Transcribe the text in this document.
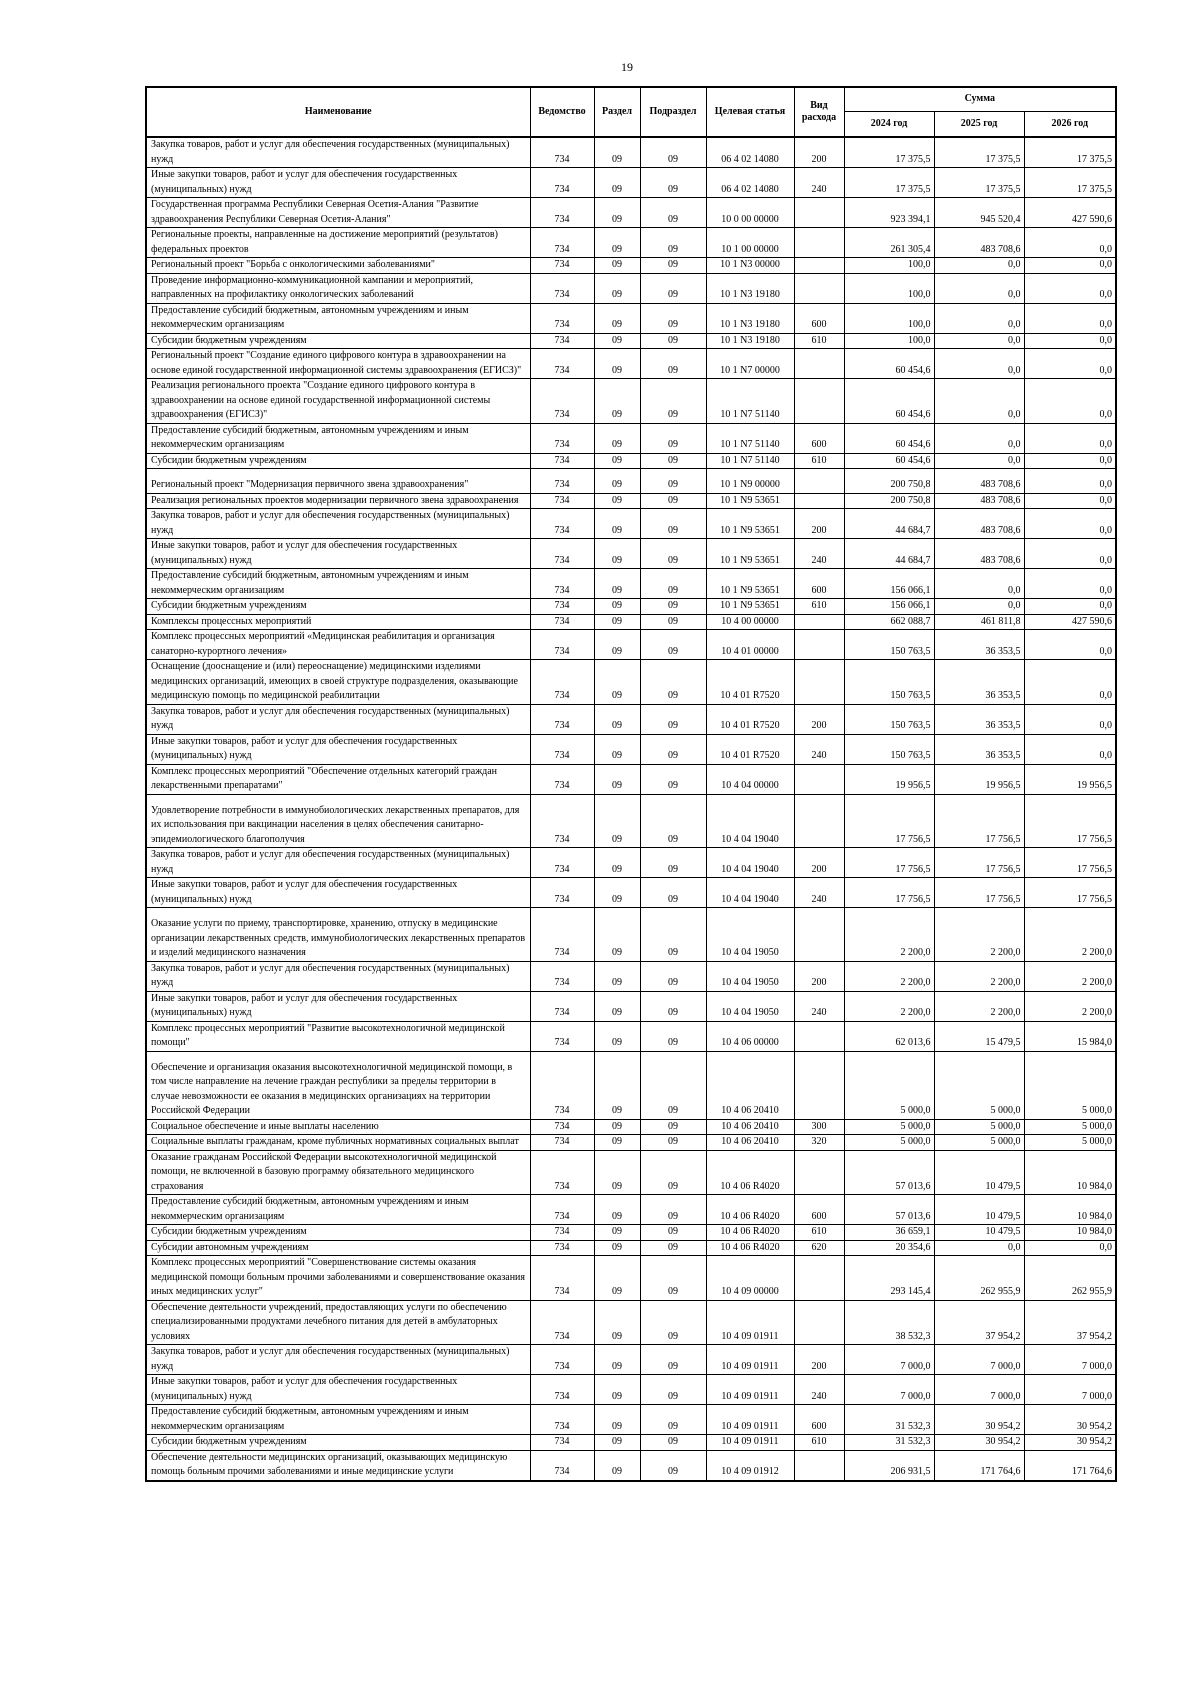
19
Наименование	Ведомство	Раздел	Подраздел	Целевая статья	Вид расхода	Сумма		
						2024 год	2025 год	2026 год
Закупка товаров, работ и услуг для обеспечения государственных (муниципальных) нужд	734	09	09	06 4 02 14080	200	17 375,5	17 375,5	17 375,5
Иные закупки товаров, работ и услуг для обеспечения государственных (муниципальных) нужд	734	09	09	06 4 02 14080	240	17 375,5	17 375,5	17 375,5
Государственная программа Республики Северная Осетия-Алания "Развитие здравоохранения Республики Северная Осетия-Алания"	734	09	09	10 0 00 00000		923 394,1	945 520,4	427 590,6
Региональные проекты, направленные на достижение мероприятий (результатов) федеральных проектов	734	09	09	10 1 00 00000		261 305,4	483 708,6	0,0
Региональный проект "Борьба с онкологическими заболеваниями"	734	09	09	10 1 N3 00000		100,0	0,0	0,0
Проведение информационно-коммуникационной кампании и мероприятий, направленных на профилактику онкологических заболеваний	734	09	09	10 1 N3 19180		100,0	0,0	0,0
Предоставление субсидий бюджетным, автономным учреждениям и иным некоммерческим организациям	734	09	09	10 1 N3 19180	600	100,0	0,0	0,0
Субсидии бюджетным учреждениям	734	09	09	10 1 N3 19180	610	100,0	0,0	0,0
Региональный проект "Создание единого цифрового контура в здравоохранении на основе единой государственной информационной системы здравоохранения (ЕГИСЗ)"	734	09	09	10 1 N7 00000		60 454,6	0,0	0,0
Реализация регионального проекта "Создание единого цифрового контура в здравоохранении на основе единой государственной информационной системы здравоохранения (ЕГИСЗ)"	734	09	09	10 1 N7 51140		60 454,6	0,0	0,0
Предоставление субсидий бюджетным, автономным учреждениям и иным некоммерческим организациям	734	09	09	10 1 N7 51140	600	60 454,6	0,0	0,0
Субсидии бюджетным учреждениям	734	09	09	10 1 N7 51140	610	60 454,6	0,0	0,0
Региональный проект "Модернизация первичного звена здравоохранения"	734	09	09	10 1 N9 00000		200 750,8	483 708,6	0,0
Реализация региональных проектов модернизации первичного звена здравоохранения	734	09	09	10 1 N9 53651		200 750,8	483 708,6	0,0
Закупка товаров, работ и услуг для обеспечения государственных (муниципальных) нужд	734	09	09	10 1 N9 53651	200	44 684,7	483 708,6	0,0
Иные закупки товаров, работ и услуг для обеспечения государственных (муниципальных) нужд	734	09	09	10 1 N9 53651	240	44 684,7	483 708,6	0,0
Предоставление субсидий бюджетным, автономным учреждениям и иным некоммерческим организациям	734	09	09	10 1 N9 53651	600	156 066,1	0,0	0,0
Субсидии бюджетным учреждениям	734	09	09	10 1 N9 53651	610	156 066,1	0,0	0,0
Комплексы процессных мероприятий	734	09	09	10 4 00 00000		662 088,7	461 811,8	427 590,6
Комплекс процессных мероприятий «Медицинская реабилитация и организация санаторно-курортного лечения»	734	09	09	10 4 01 00000		150 763,5	36 353,5	0,0
Оснащение (дооснащение и (или) переоснащение) медицинскими изделиями медицинских организаций, имеющих в своей структуре подразделения, оказывающие медицинскую помощь по медицинской реабилитации	734	09	09	10 4 01 R7520		150 763,5	36 353,5	0,0
Закупка товаров, работ и услуг для обеспечения государственных (муниципальных) нужд	734	09	09	10 4 01 R7520	200	150 763,5	36 353,5	0,0
Иные закупки товаров, работ и услуг для обеспечения государственных (муниципальных) нужд	734	09	09	10 4 01 R7520	240	150 763,5	36 353,5	0,0
Комплекс процессных мероприятий "Обеспечение отдельных категорий граждан лекарственными препаратами"	734	09	09	10 4 04 00000		19 956,5	19 956,5	19 956,5
Удовлетворение потребности в иммунобиологических лекарственных препаратов, для их использования при вакцинации населения в целях обеспечения санитарно-эпидемиологического благополучия	734	09	09	10 4 04 19040		17 756,5	17 756,5	17 756,5
Закупка товаров, работ и услуг для обеспечения государственных (муниципальных) нужд	734	09	09	10 4 04 19040	200	17 756,5	17 756,5	17 756,5
Иные закупки товаров, работ и услуг для обеспечения государственных (муниципальных) нужд	734	09	09	10 4 04 19040	240	17 756,5	17 756,5	17 756,5
Оказание услуги по приему, транспортировке, хранению, отпуску в медицинские организации лекарственных средств, иммунобиологических лекарственных препаратов и изделий медицинского назначения	734	09	09	10 4 04 19050		2 200,0	2 200,0	2 200,0
Закупка товаров, работ и услуг для обеспечения государственных (муниципальных) нужд	734	09	09	10 4 04 19050	200	2 200,0	2 200,0	2 200,0
Иные закупки товаров, работ и услуг для обеспечения государственных (муниципальных) нужд	734	09	09	10 4 04 19050	240	2 200,0	2 200,0	2 200,0
Комплекс процессных мероприятий "Развитие высокотехнологичной медицинской помощи"	734	09	09	10 4 06 00000		62 013,6	15 479,5	15 984,0
Обеспечение и организация оказания высокотехнологичной медицинской помощи, в том числе направление на лечение граждан республики за пределы территории в случае невозможности ее оказания в медицинских организациях на территории Российской Федерации	734	09	09	10 4 06 20410		5 000,0	5 000,0	5 000,0
Социальное обеспечение и иные выплаты населению	734	09	09	10 4 06 20410	300	5 000,0	5 000,0	5 000,0
Социальные выплаты гражданам, кроме публичных нормативных социальных выплат	734	09	09	10 4 06 20410	320	5 000,0	5 000,0	5 000,0
Оказание гражданам Российской Федерации высокотехнологичной медицинской помощи, не включенной в базовую программу обязательного медицинского страхования	734	09	09	10 4 06 R4020		57 013,6	10 479,5	10 984,0
Предоставление субсидий бюджетным, автономным учреждениям и иным некоммерческим организациям	734	09	09	10 4 06 R4020	600	57 013,6	10 479,5	10 984,0
Субсидии бюджетным учреждениям	734	09	09	10 4 06 R4020	610	36 659,1	10 479,5	10 984,0
Субсидии автономным учреждениям	734	09	09	10 4 06 R4020	620	20 354,6	0,0	0,0
Комплекс процессных мероприятий "Совершенствование системы оказания медицинской помощи больным прочими заболеваниями и совершенствование оказания иных медицинских услуг"	734	09	09	10 4 09 00000		293 145,4	262 955,9	262 955,9
Обеспечение деятельности учреждений, предоставляющих услуги по обеспечению специализированными продуктами лечебного питания для детей в амбулаторных условиях	734	09	09	10 4 09 01911		38 532,3	37 954,2	37 954,2
Закупка товаров, работ и услуг для обеспечения государственных (муниципальных) нужд	734	09	09	10 4 09 01911	200	7 000,0	7 000,0	7 000,0
Иные закупки товаров, работ и услуг для обеспечения государственных (муниципальных) нужд	734	09	09	10 4 09 01911	240	7 000,0	7 000,0	7 000,0
Предоставление субсидий бюджетным, автономным учреждениям и иным некоммерческим организациям	734	09	09	10 4 09 01911	600	31 532,3	30 954,2	30 954,2
Субсидии бюджетным учреждениям	734	09	09	10 4 09 01911	610	31 532,3	30 954,2	30 954,2
Обеспечение деятельности медицинских организаций, оказывающих медицинскую помощь больным прочими заболеваниями и иные медицинские услуги	734	09	09	10 4 09 01912		206 931,5	171 764,6	171 764,6
